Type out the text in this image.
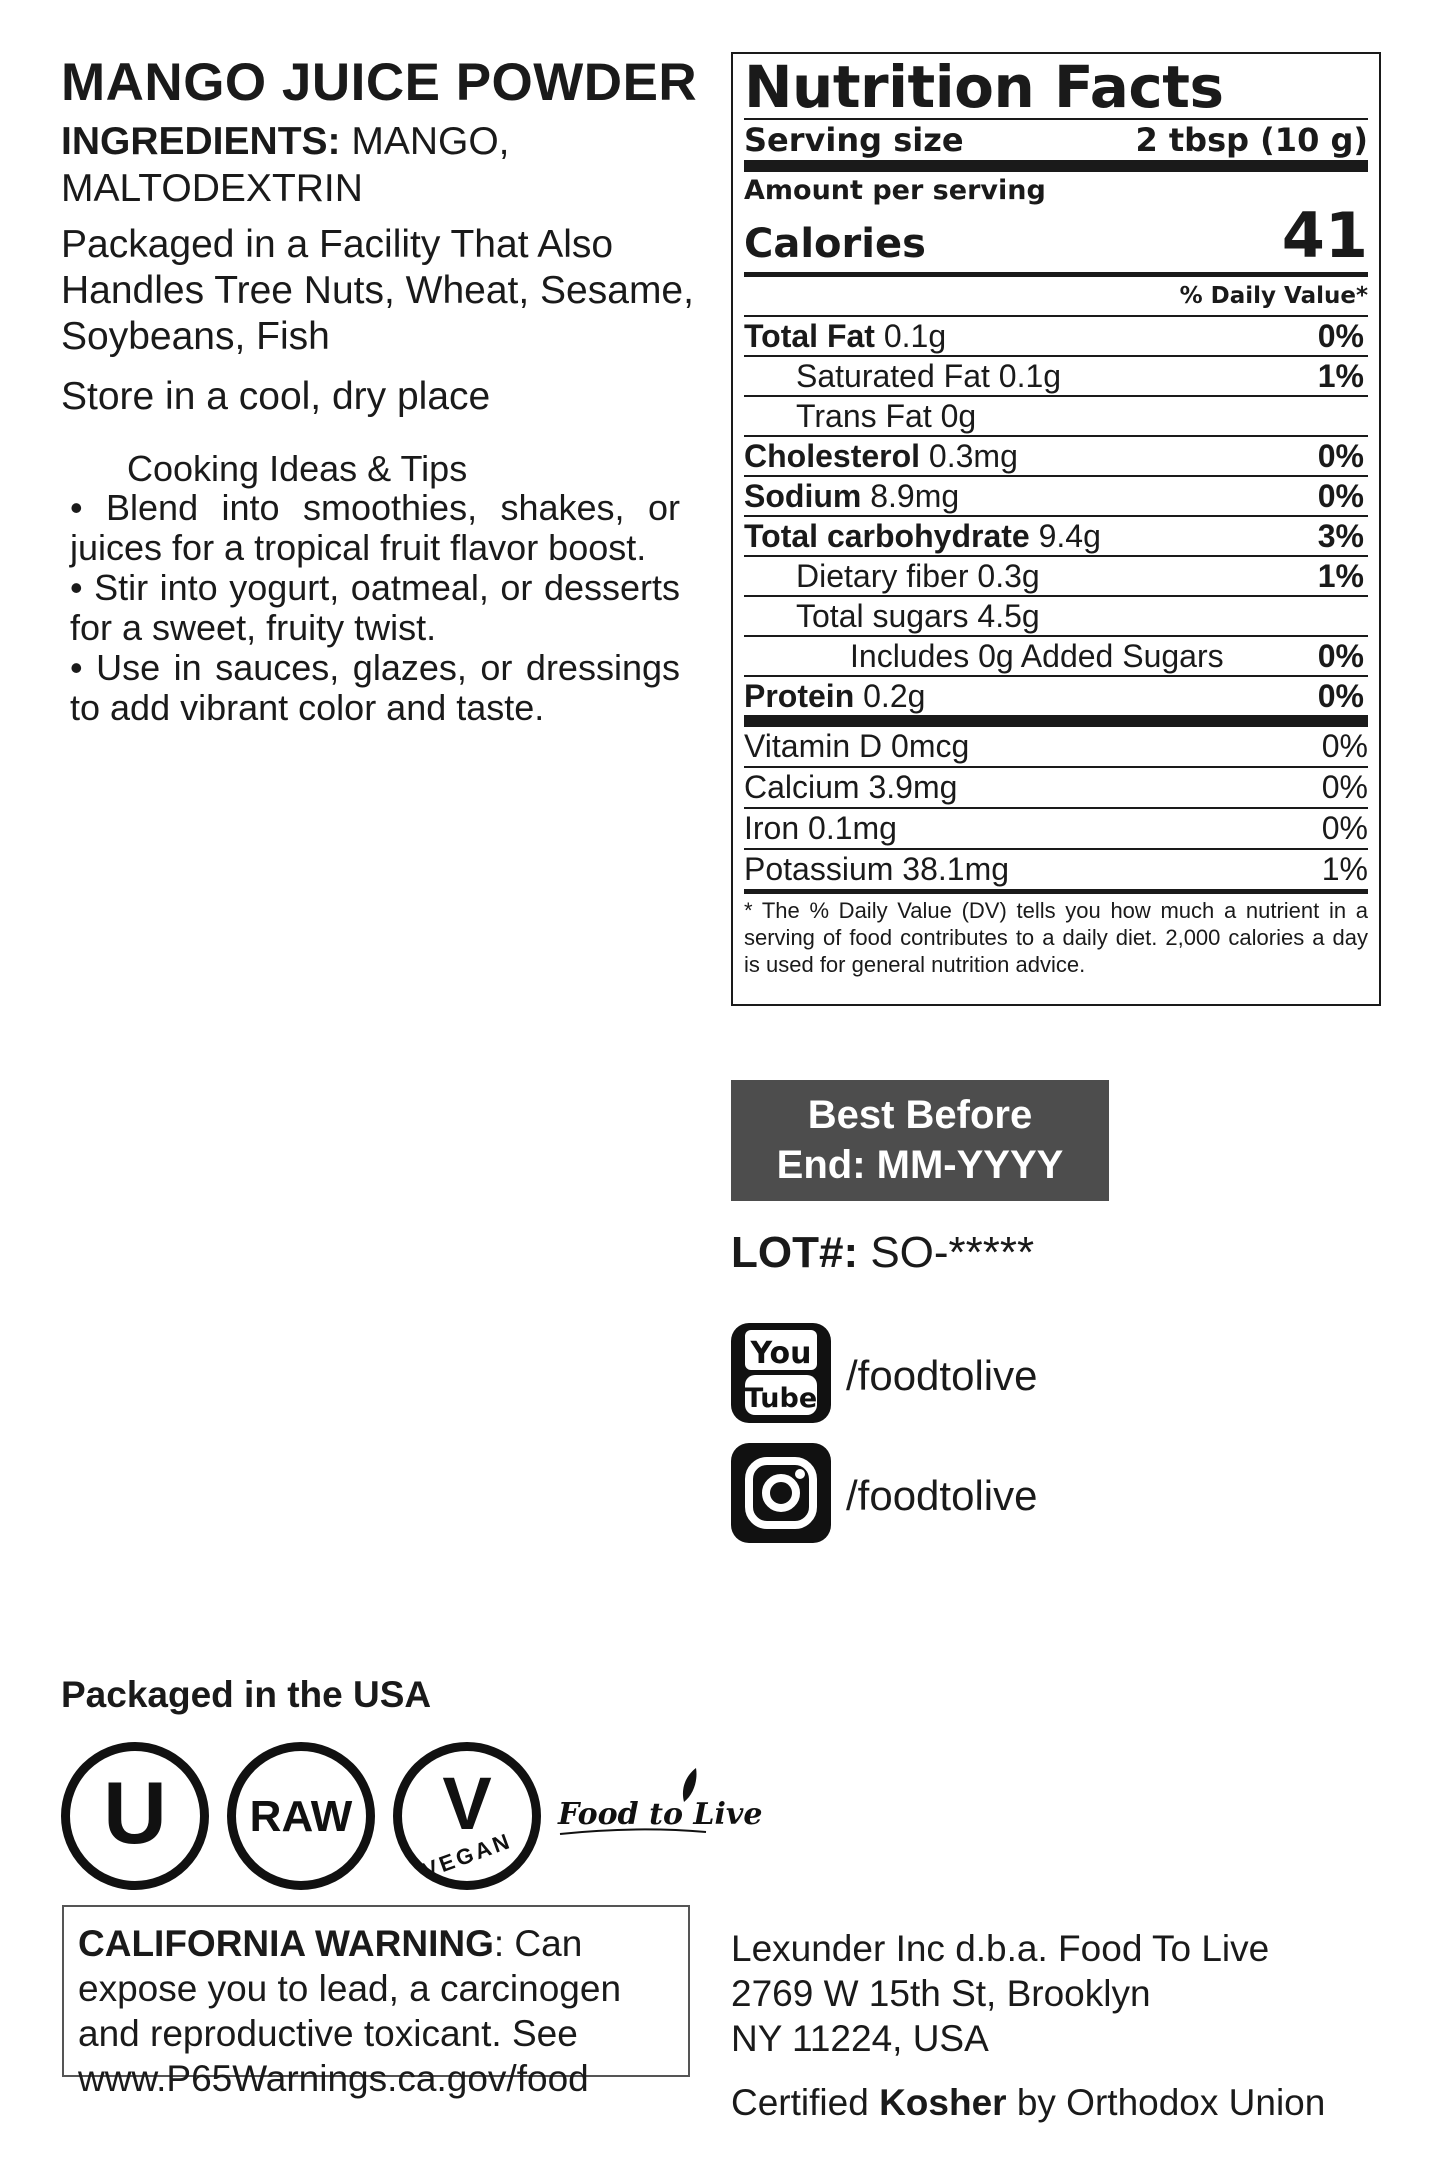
MANGO JUICE POWDER
INGREDIENTS: MANGO, MALTODEXTRIN
Packaged in a Facility That Also Handles Tree Nuts, Wheat, Sesame, Soybeans, Fish
Store in a cool, dry place
Cooking Ideas & Tips
• Blend into smoothies, shakes, or juices for a tropical fruit flavor boost.
• Stir into yogurt, oatmeal, or desserts for a sweet, fruity twist.
• Use in sauces, glazes, or dressings to add vibrant color and taste.
Nutrition Facts
Serving size	2 tbsp (10 g)
Amount per serving
Calories	41
% Daily Value*
Total Fat 0.1g	0%
Saturated Fat 0.1g	1%
Trans Fat 0g
Cholesterol 0.3mg	0%
Sodium 8.9mg	0%
Total carbohydrate 9.4g	3%
Dietary fiber 0.3g	1%
Total sugars 4.5g
Includes 0g Added Sugars	0%
Protein 0.2g	0%
Vitamin D 0mcg	0%
Calcium 3.9mg	0%
Iron 0.1mg	0%
Potassium 38.1mg	1%
* The % Daily Value (DV) tells you how much a nutrient in a serving of food contributes to a daily diet. 2,000 calories a day is used for general nutrition advice.
Best Before
End: MM-YYYY
LOT#: SO-*****
You
Tube /foodtolive
/foodtolive
Packaged in the USA
U RAW V
VEGAN
Food to Live
CALIFORNIA WARNING: Can expose you to lead, a carcinogen and reproductive toxicant. See www.P65Warnings.ca.gov/food
Lexunder Inc d.b.a. Food To Live
2769 W 15th St, Brooklyn
NY 11224, USA
Certified Kosher by Orthodox Union
